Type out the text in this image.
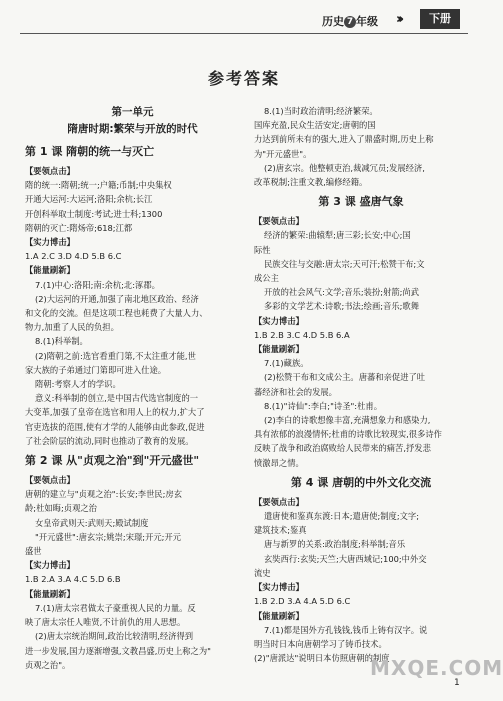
历史 7 年级 ›››	下册
参考答案
第一单元
隋唐时期:繁荣与开放的时代
第 1 课 隋朝的统一与灭亡
【要领点击】
隋的统一:隋朝;统一;户籍;币制;中央集权
开通大运河:大运河;洛阳;余杭;长江
开创科举取士制度:考试;进士科;1300
隋朝的灭亡:隋炀帝;618;江都
【实力博击】
1.A 2.C 3.D 4.D 5.B 6.C
【能量刷新】
7.(1)中心:洛阳;南:余杭;北:涿郡。
(2)大运河的开通,加强了南北地区政治、经济
和文化的交流。但是这项工程也耗费了大量人力、
物力,加重了人民的负担。
8.(1)科举制。
(2)隋朝之前:选官看重门第,不太注重才能,世
家大族的子弟通过门第即可进入仕途。
隋朝:考察人才的学识。
意义:科举制的创立,是中国古代选官制度的一
大变革,加强了皇帝在选官和用人上的权力,扩大了
官吏选拔的范围,使有才学的人能够由此参政,促进
了社会阶层的流动,同时也推动了教育的发展。
第 2 课 从"贞观之治"到"开元盛世"
【要领点击】
唐朝的建立与"贞观之治":长安;李世民;房玄
龄;杜如晦;贞观之治
女皇帝武则天:武则天;殿试制度
"开元盛世":唐玄宗;姚崇;宋璟;开元;开元
盛世
【实力博击】
1.B 2.A 3.A 4.C 5.D 6.B
【能量刷新】
7.(1)唐太宗君做太子豪重视人民的力量。反
映了唐太宗任人唯贤,不计前仇的用人思想。
(2)唐太宗统治期间,政治比较清明,经济得到
进一步发展,国力逐渐增强,文教昌盛,历史上称之为"
贞观之治"。
8.(1)当时政治清明;经济繁荣。
国库充盈,民众生活安定;唐朝的国
力达到前所未有的强大,进入了鼎盛时期,历史上称
为"开元盛世"。
(2)唐玄宗。他整顿吏治,裁减冗员;发展经济,
改革税制;注重文教,编修经籍。
第 3 课 盛唐气象
【要领点击】
经济的繁荣:曲辕犁;唐三彩;长安;中心;国
际性
民族交往与交融:唐太宗;天可汗;松赞干布;文
成公主
开放的社会风气:文学;音乐;装扮;射箭;尚武
多彩的文学艺术:诗歌;书法;绘画;音乐;歌舞
【实力博击】
1.B 2.B 3.C 4.D 5.B 6.A
【能量刷新】
7.(1)藏族。
(2)松赞干布和文成公主。唐蕃和亲促进了吐
蕃经济和社会的发展。
8.(1)"诗仙":李白;"诗圣":杜甫。
(2)李白的诗歌想像丰富,充满想象力和感染力,
具有浓郁的浪漫情怀;杜甫的诗歌比较现实,很多诗作
反映了战争和政治腐败给人民带来的痛苦,抒发悲
愤激昂之情。
第 4 课 唐朝的中外文化交流
【要领点击】
遣唐使和鉴真东渡:日本;遣唐使;制度;文字;
建筑技术;鉴真
唐与新罗的关系:政治制度;科举制;音乐
玄奘西行:玄奘;天竺;大唐西域记;100;中外交
流史
【实力博击】
1.B 2.D 3.A 4.A 5.D 6.C
【能量刷新】
7.(1)都是国外方孔钱钱,钱币上铸有汉字。说
明当时日本向唐朝学习了铸币技术。
(2)"唐派达"说明日本仿照唐朝的制度
MXQE.COM
1
